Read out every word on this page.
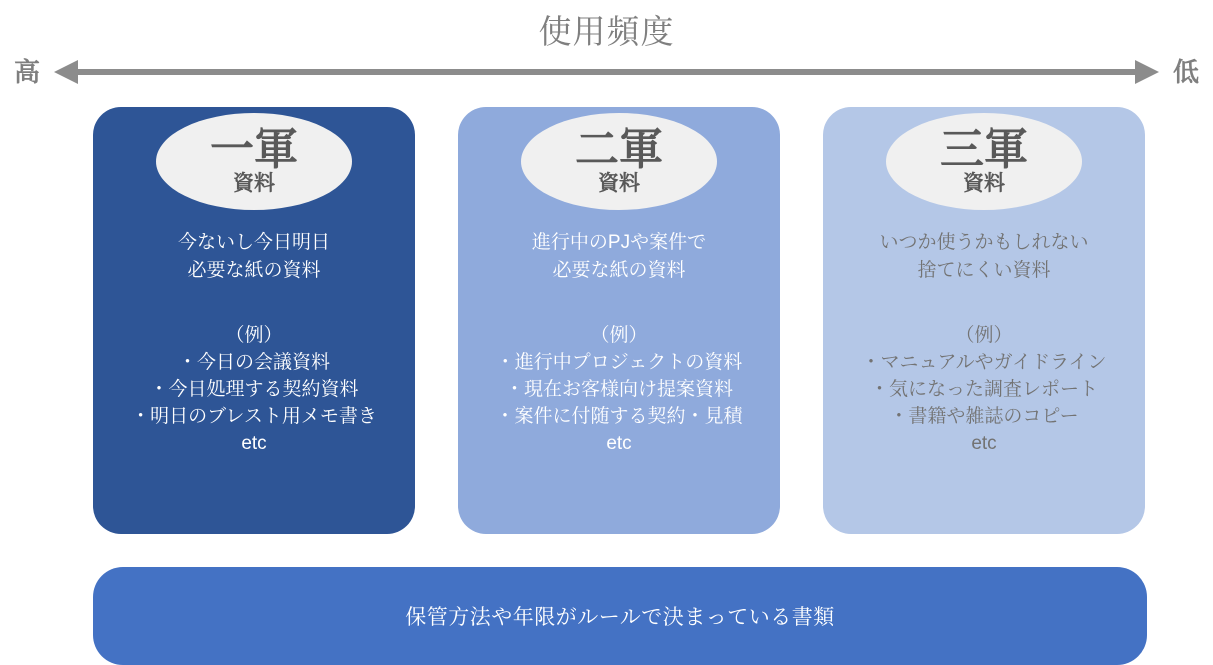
使用頻度
高	低
一軍
資料
今ないし今日明日
必要な紙の資料
（例）
・今日の会議資料
・今日処理する契約資料
・明日のブレスト用メモ書き
etc
二軍
資料
進行中のPJや案件で
必要な紙の資料
（例）
・進行中プロジェクトの資料
・現在お客様向け提案資料
・案件に付随する契約・見積
etc
三軍
資料
いつか使うかもしれない
捨てにくい資料
（例）
・マニュアルやガイドライン
・気になった調査レポート
・書籍や雑誌のコピー
etc
保管方法や年限がルールで決まっている書類
